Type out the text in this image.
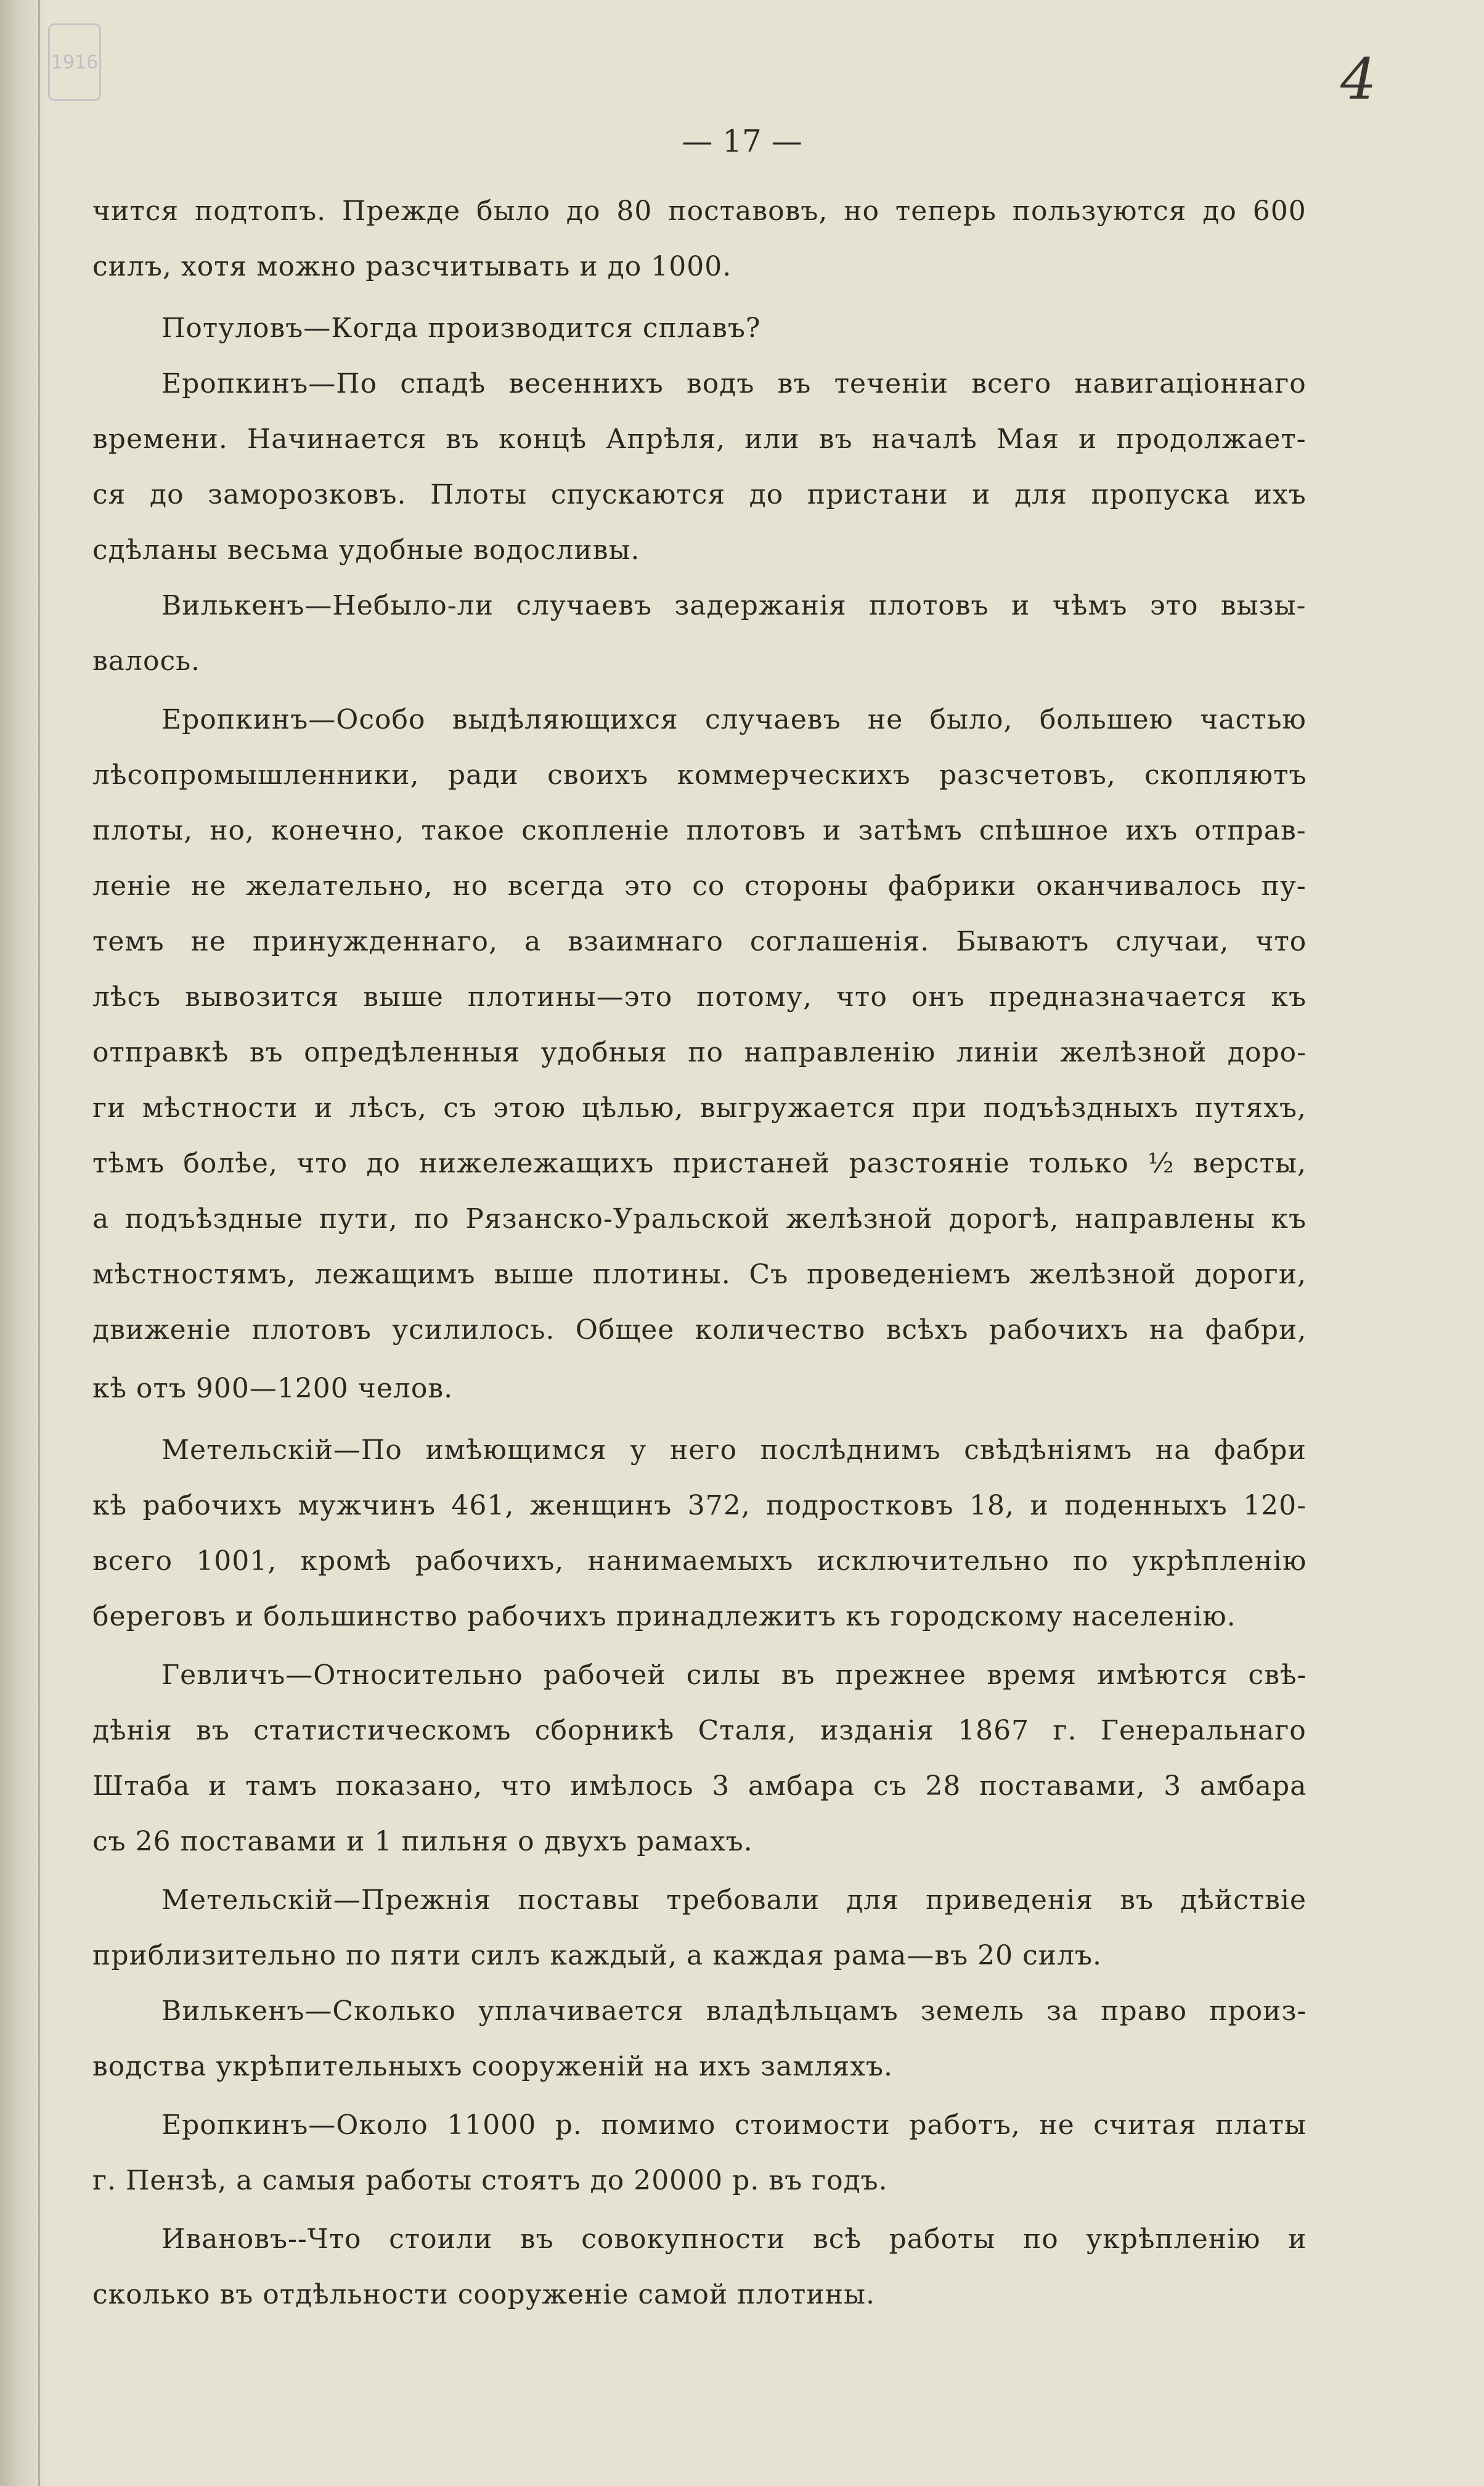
1916	4
— 17 —
чится подтопъ. Прежде было до 80 поставовъ, но теперь пользуются до 600
силъ, хотя можно разсчитывать и до 1000.
Потуловъ—Когда производится сплавъ?
Еропкинъ—По спадѣ весеннихъ водъ въ теченіи всего навигаціоннаго
времени. Начинается въ концѣ Апрѣля, или въ началѣ Мая и продолжает-
ся до заморозковъ. Плоты спускаются до пристани и для пропуска ихъ
сдѣланы весьма удобные водосливы.
Вилькенъ—Небыло-ли случаевъ задержанія плотовъ и чѣмъ это вызы-
валось.
Еропкинъ—Особо выдѣляющихся случаевъ не было, большею частью
лѣсопромышленники, ради своихъ коммерческихъ разсчетовъ, скопляютъ
плоты, но, конечно, такое скопленіе плотовъ и затѣмъ спѣшное ихъ отправ-
леніе не желательно, но всегда это со стороны фабрики оканчивалось пу-
темъ не принужденнаго, а взаимнаго соглашенія. Бываютъ случаи, что
лѣсъ вывозится выше плотины—это потому, что онъ предназначается къ
отправкѣ въ опредѣленныя удобныя по направленію линіи желѣзной доро-
ги мѣстности и лѣсъ, съ этою цѣлью, выгружается при подъѣздныхъ путяхъ,
тѣмъ болѣе, что до нижележащихъ пристаней разстояніе только ½ версты,
а подъѣздные пути, по Рязанско-Уральской желѣзной дорогѣ, направлены къ
мѣстностямъ, лежащимъ выше плотины. Съ проведеніемъ желѣзной дороги,
движеніе плотовъ усилилось. Общее количество всѣхъ рабочихъ на фабри,
кѣ отъ 900—1200 челов.
Метельскій—По имѣющимся у него послѣднимъ свѣдѣніямъ на фабри
кѣ рабочихъ мужчинъ 461, женщинъ 372, подростковъ 18, и поденныхъ 120-
всего 1001, кромѣ рабочихъ, нанимаемыхъ исключительно по укрѣпленію
береговъ и большинство рабочихъ принадлежитъ къ городскому населенію.
Гевличъ—Относительно рабочей силы въ прежнее время имѣются свѣ-
дѣнія въ статистическомъ сборникѣ Сталя, изданія 1867 г. Генеральнаго
Штаба и тамъ показано, что имѣлось 3 амбара съ 28 поставами, 3 амбара
съ 26 поставами и 1 пильня о двухъ рамахъ.
Метельскій—Прежнія поставы требовали для приведенія въ дѣйствіе
приблизительно по пяти силъ каждый, а каждая рама—въ 20 силъ.
Вилькенъ—Сколько уплачивается владѣльцамъ земель за право произ-
водства укрѣпительныхъ сооруженій на ихъ замляхъ.
Еропкинъ—Около 11000 р. помимо стоимости работъ, не считая платы
г. Пензѣ, а самыя работы стоятъ до 20000 р. въ годъ.
Ивановъ--Что стоили въ совокупности всѣ работы по укрѣпленію и
сколько въ отдѣльности сооруженіе самой плотины.
